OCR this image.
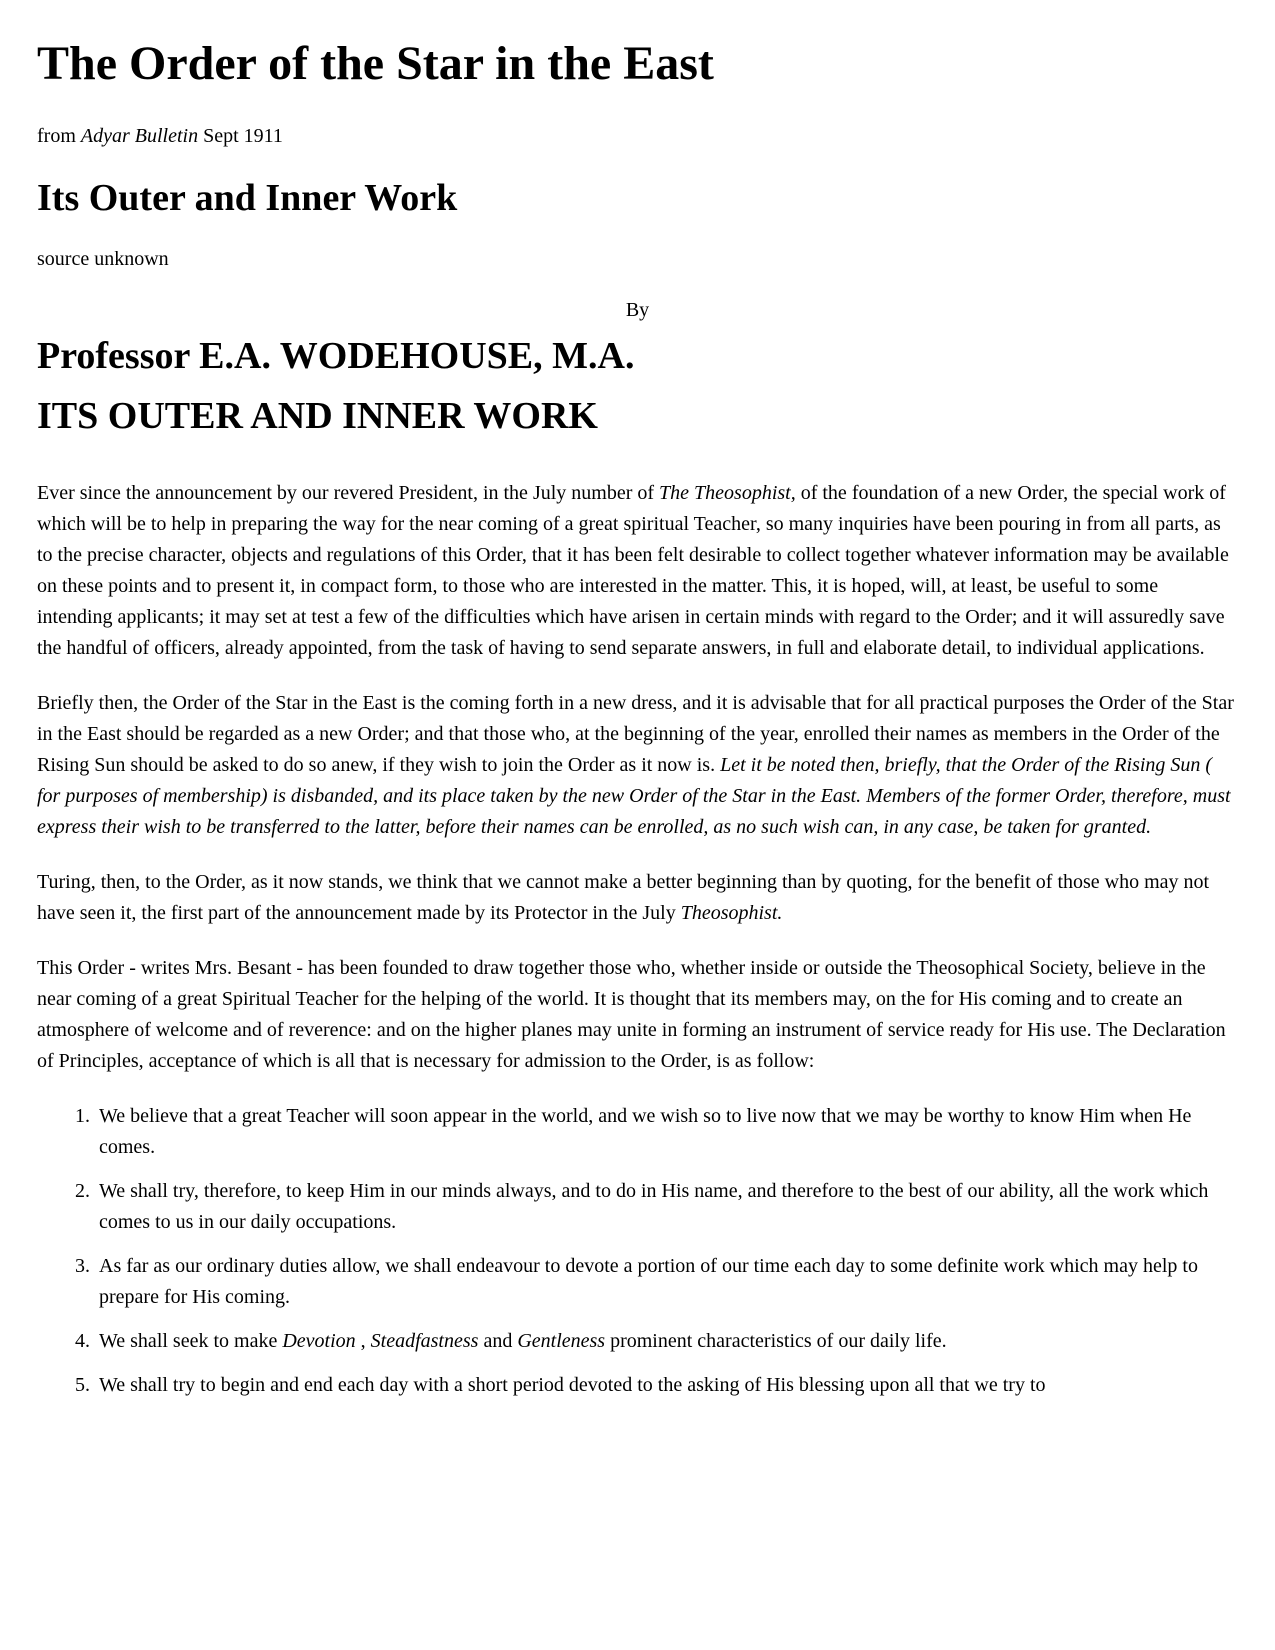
The Order of the Star in the East

from Adyar Bulletin Sept 1911

Its Outer and Inner Work

source unknown

By

Professor E.A. WODEHOUSE, M.A.
ITS OUTER AND INNER WORK

Ever since the announcement by our revered President, in the July number of The Theosophist, of the foundation of a new Order, the special work of which will be to help in preparing the way for the near coming of a great spiritual Teacher, so many inquiries have been pouring in from all parts, as to the precise character, objects and regulations of this Order, that it has been felt desirable to collect together whatever information may be available on these points and to present it, in compact form, to those who are interested in the matter. This, it is hoped, will, at least, be useful to some intending applicants; it may set at test a few of the difficulties which have arisen in certain minds with regard to the Order; and it will assuredly save the handful of officers, already appointed, from the task of having to send separate answers, in full and elaborate detail, to individual applications.

Briefly then, the Order of the Star in the East is the coming forth in a new dress, and it is advisable that for all practical purposes the Order of the Star in the East should be regarded as a new Order; and that those who, at the beginning of the year, enrolled their names as members in the Order of the Rising Sun should be asked to do so anew, if they wish to join the Order as it now is. Let it be noted then, briefly, that the Order of the Rising Sun ( for purposes of membership) is disbanded, and its place taken by the new Order of the Star in the East. Members of the former Order, therefore, must express their wish to be transferred to the latter, before their names can be enrolled, as no such wish can, in any case, be taken for granted.

Turing, then, to the Order, as it now stands, we think that we cannot make a better beginning than by quoting, for the benefit of those who may not have seen it, the first part of the announcement made by its Protector in the July Theosophist.

This Order - writes Mrs. Besant - has been founded to draw together those who, whether inside or outside the Theosophical Society, believe in the near coming of a great Spiritual Teacher for the helping of the world. It is thought that its members may, on the for His coming and to create an atmosphere of welcome and of reverence: and on the higher planes may unite in forming an instrument of service ready for His use. The Declaration of Principles, acceptance of which is all that is necessary for admission to the Order, is as follow:

1. We believe that a great Teacher will soon appear in the world, and we wish so to live now that we may be worthy to know Him when He comes.
2. We shall try, therefore, to keep Him in our minds always, and to do in His name, and therefore to the best of our ability, all the work which comes to us in our daily occupations.
3. As far as our ordinary duties allow, we shall endeavour to devote a portion of our time each day to some definite work which may help to prepare for His coming.
4. We shall seek to make Devotion , Steadfastness and Gentleness prominent characteristics of our daily life.
5. We shall try to begin and end each day with a short period devoted to the asking of His blessing upon all that we try to
